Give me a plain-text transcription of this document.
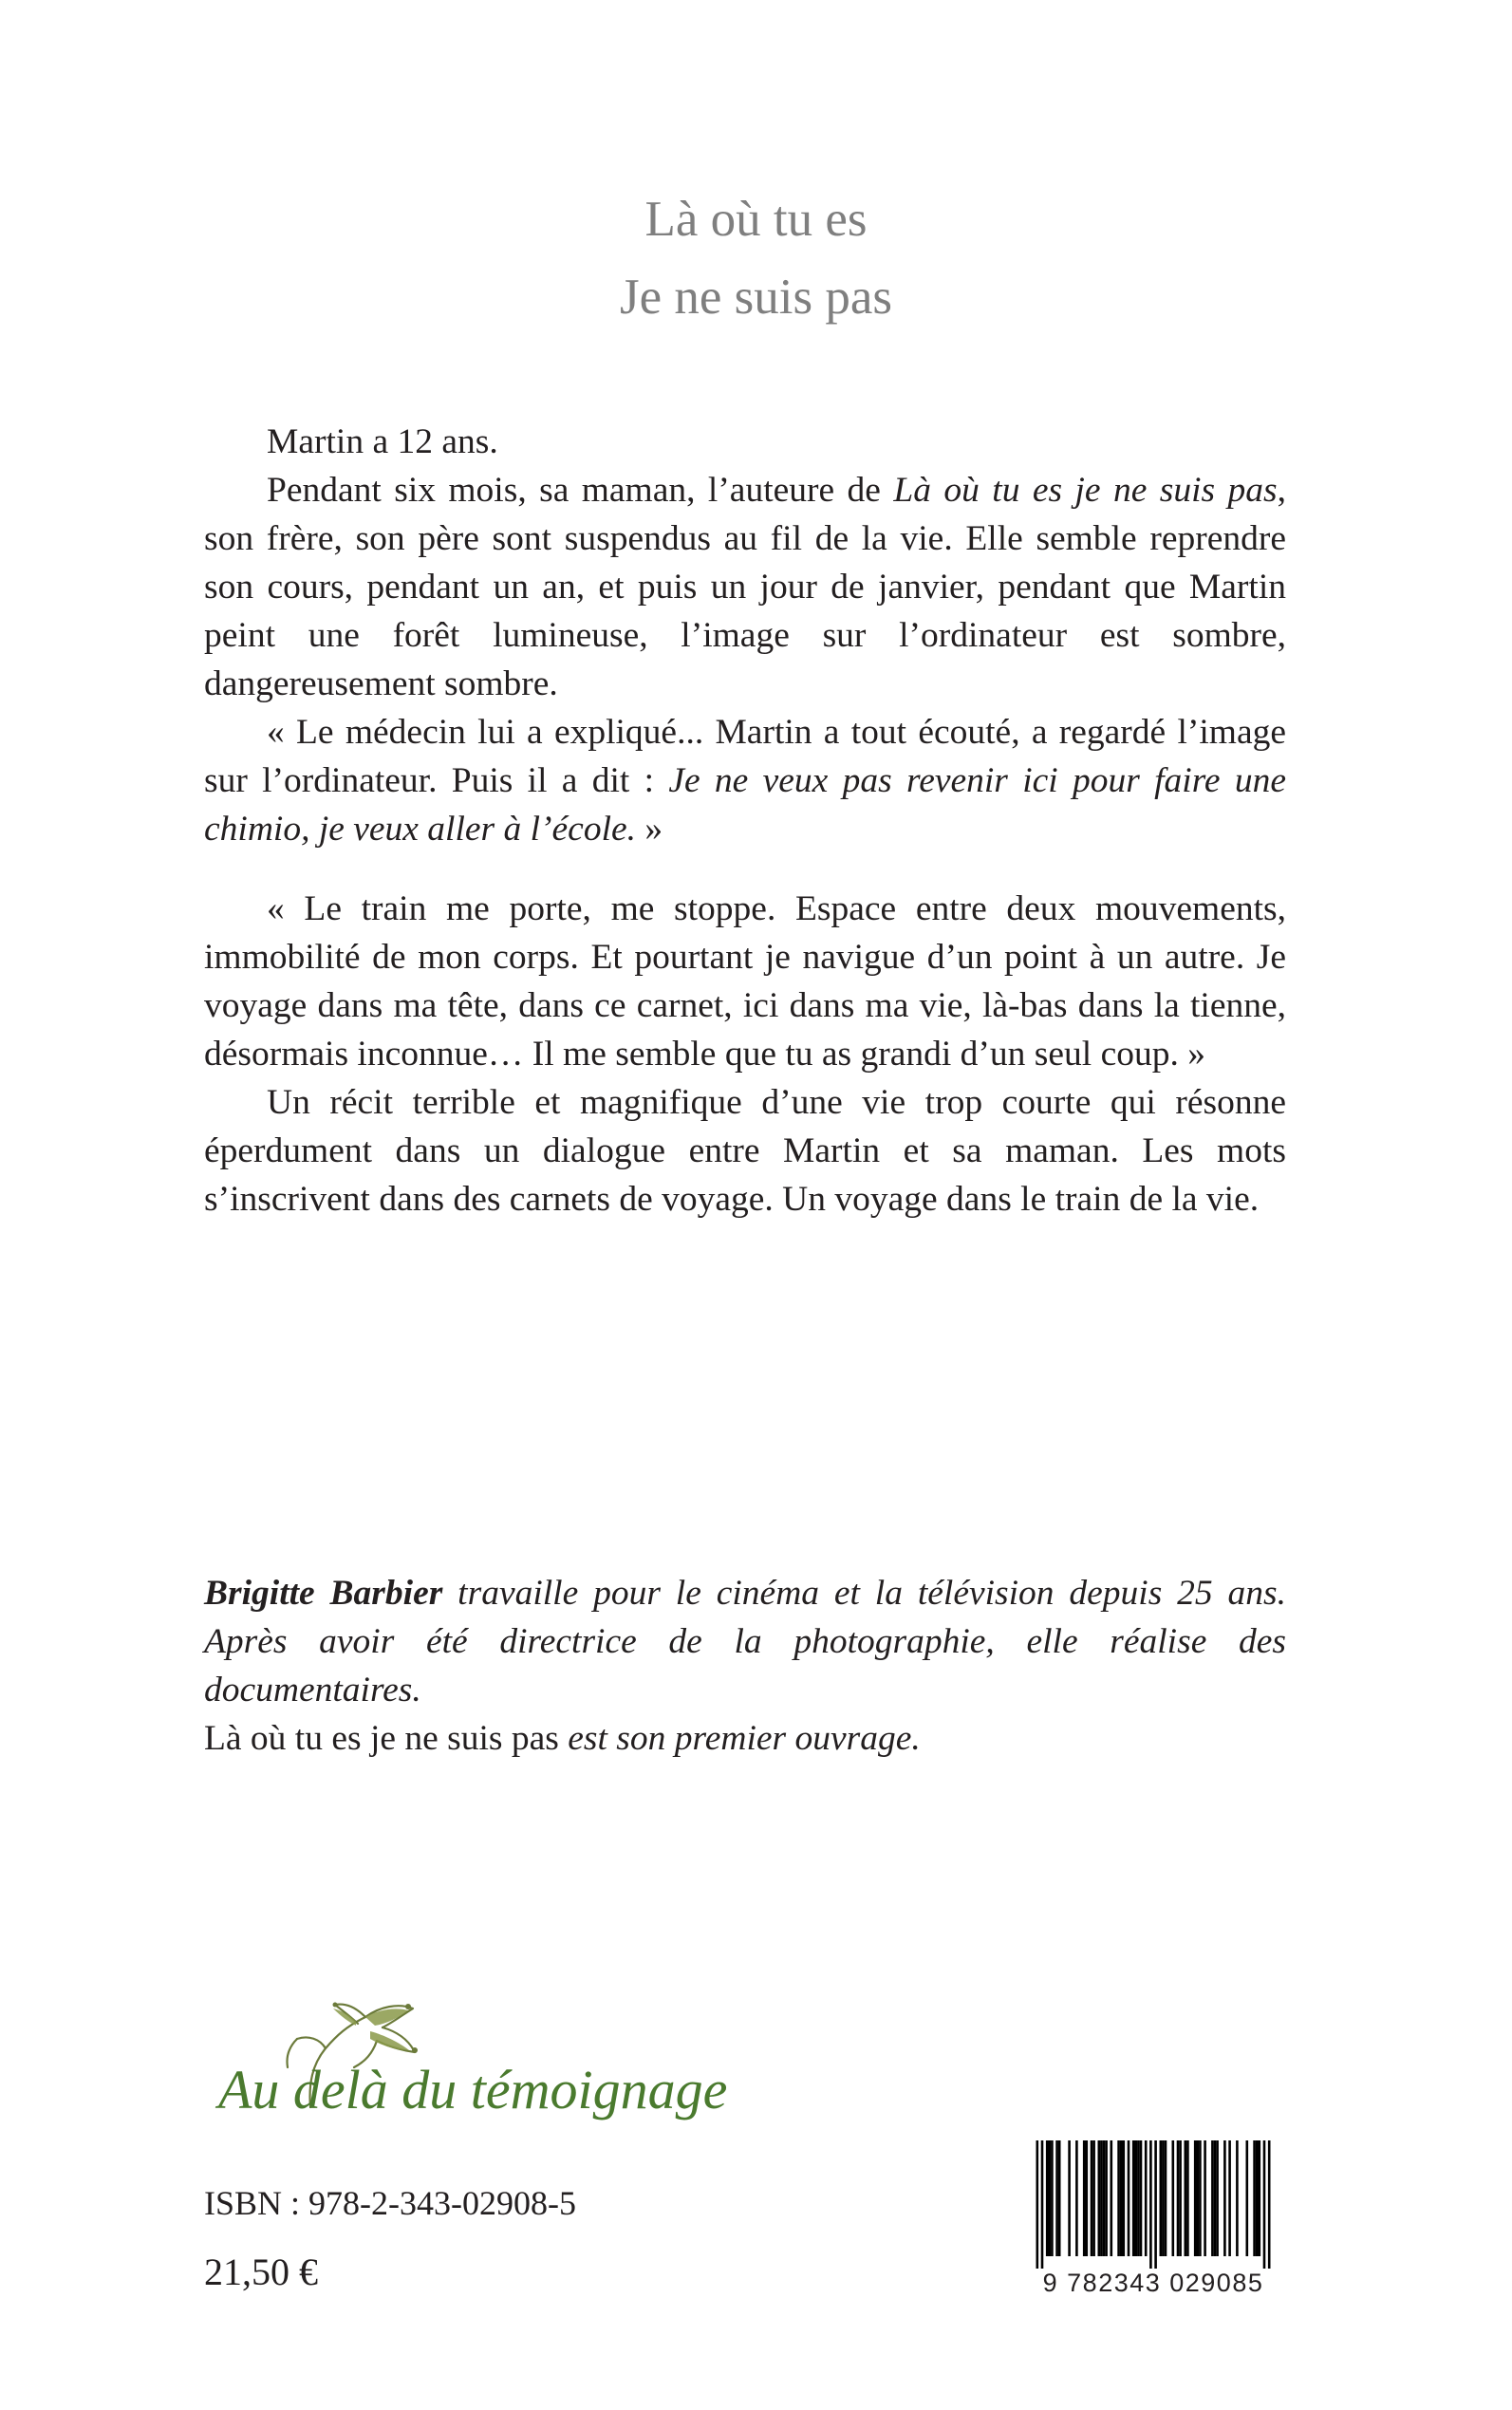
Là où tu es
Je ne suis pas

Martin a 12 ans.

Pendant six mois, sa maman, l’auteure de Là où tu es je ne suis pas, son frère, son père sont suspendus au fil de la vie. Elle semble reprendre son cours, pendant un an, et puis un jour de janvier, pendant que Martin peint une forêt lumineuse, l’image sur l’ordinateur est sombre, dangereusement sombre.

« Le médecin lui a expliqué... Martin a tout écouté, a regardé l’image sur l’ordinateur. Puis il a dit : Je ne veux pas revenir ici pour faire une chimio, je veux aller à l’école. »

« Le train me porte, me stoppe. Espace entre deux mouvements, immobilité de mon corps. Et pourtant je navigue d’un point à un autre. Je voyage dans ma tête, dans ce carnet, ici dans ma vie, là-bas dans la tienne, désormais inconnue… Il me semble que tu as grandi d’un seul coup. »

Un récit terrible et magnifique d’une vie trop courte qui résonne éperdument dans un dialogue entre Martin et sa maman. Les mots s’inscrivent dans des carnets de voyage. Un voyage dans le train de la vie.

Brigitte Barbier travaille pour le cinéma et la télévision depuis 25 ans. Après avoir été directrice de la photographie, elle réalise des documentaires.
Là où tu es je ne suis pas est son premier ouvrage.

Au delà du témoignage
ISBN : 978-2-343-02908-5
21,50 €	9 782343 029085
